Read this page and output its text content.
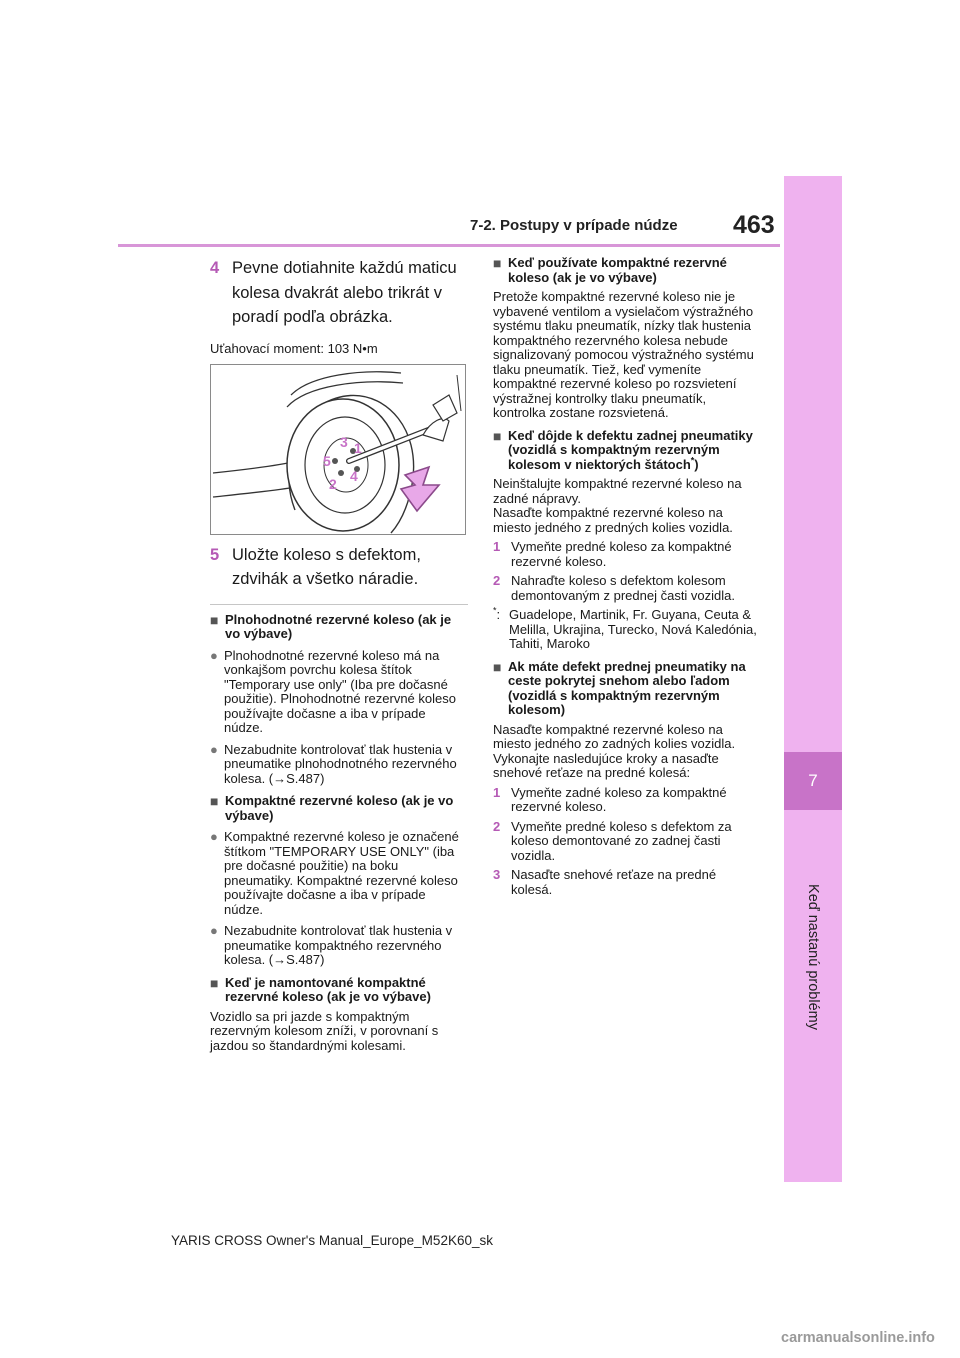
7
Keď nastanú problémy
7-2. Postupy v prípade núdze 463
4 Pevne dotiahnite každú maticu kolesa dvakrát alebo trikrát v poradí podľa obrázka.
Uťahovací moment: 103 N•m
3 1
5
4
2
5 Uložte koleso s defektom, zdvihák a všetko náradie.
■ Plnohodnotné rezervné koleso (ak je vo výbave)
● Plnohodnotné rezervné koleso má na vonkajšom povrchu kolesa štítok "Temporary use only" (Iba pre dočasné použitie). Plnohodnotné rezervné koleso používajte dočasne a iba v prípade núdze.
● Nezabudnite kontrolovať tlak hustenia v pneumatike plnohodnotného rezervného kolesa. (→S.487)
■ Kompaktné rezervné koleso (ak je vo výbave)
● Kompaktné rezervné koleso je označené štítkom "TEMPORARY USE ONLY" (iba pre dočasné použitie) na boku pneumatiky. Kompaktné rezervné koleso používajte dočasne a iba v prípade núdze.
● Nezabudnite kontrolovať tlak hustenia v pneumatike kompaktného rezervného kolesa. (→S.487)
■ Keď je namontované kompaktné rezervné koleso (ak je vo výbave)
Vozidlo sa pri jazde s kompaktným rezervným kolesom zníži, v porovnaní s jazdou so štandardnými kolesami.
■ Keď používate kompaktné rezervné koleso (ak je vo výbave)
Pretože kompaktné rezervné koleso nie je vybavené ventilom a vysielačom výstražného systému tlaku pneumatík, nízky tlak hustenia kompaktného rezervného kolesa nebude signalizovaný pomocou výstražného systému tlaku pneumatík. Tiež, keď vymeníte kompaktné rezervné koleso po rozsvietení výstražnej kontrolky tlaku pneumatík, kontrolka zostane rozsvietená.
■ Keď dôjde k defektu zadnej pneumatiky (vozidlá s kompaktným rezervným kolesom v niektorých štátoch*)
Neinštalujte kompaktné rezervné koleso na zadné nápravy.
Nasaďte kompaktné rezervné koleso na miesto jedného z predných kolies vozidla.
1 Vymeňte predné koleso za kompaktné rezervné koleso.
2 Nahraďte koleso s defektom kolesom demontovaným z prednej časti vozidla.
*: Guadelope, Martinik, Fr. Guyana, Ceuta & Melilla, Ukrajina, Turecko, Nová Kaledónia, Tahiti, Maroko
■ Ak máte defekt prednej pneumatiky na ceste pokrytej snehom alebo ľadom (vozidlá s kompaktným rezervným kolesom)
Nasaďte kompaktné rezervné koleso na miesto jedného zo zadných kolies vozidla. Vykonajte nasledujúce kroky a nasaďte snehové reťaze na predné kolesá:
1 Vymeňte zadné koleso za kompaktné rezervné koleso.
2 Vymeňte predné koleso s defektom za koleso demontované zo zadnej časti vozidla.
3 Nasaďte snehové reťaze na predné kolesá.
YARIS CROSS Owner's Manual_Europe_M52K60_sk
carmanualsonline.info
